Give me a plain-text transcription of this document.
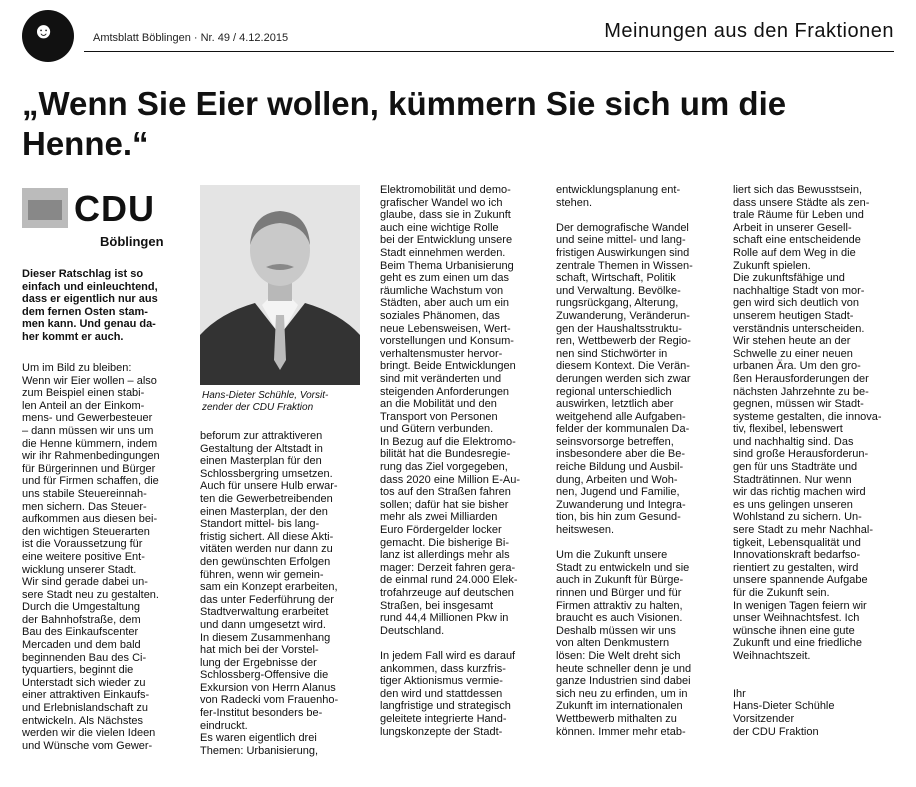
☻	Amtsblatt Böblingen · Nr. 49 / 4.12.2015	Meinungen aus den Fraktionen
„Wenn Sie Eier wollen, kümmern Sie sich um die Henne.“
CDU
Böblingen
Hans-Dieter Schühle, Vorsit-
zender der CDU Fraktion
Dieser Ratschlag ist so
einfach und einleuchtend,
dass er eigentlich nur aus
dem fernen Osten stam-
men kann. Und genau da-
her kommt er auch.
Um im Bild zu bleiben:
Wenn wir Eier wollen – also
zum Beispiel einen stabi-
len Anteil an der Einkom-
mens- und Gewerbesteuer
– dann müssen wir uns um
die Henne kümmern, indem
wir ihr Rahmenbedingungen
für Bürgerinnen und Bürger
und für Firmen schaffen, die
uns stabile Steuereinnah-
men sichern. Das Steuer-
aufkommen aus diesen bei-
den wichtigen Steuerarten
ist die Voraussetzung für
eine weitere positive Ent-
wicklung unserer Stadt.
Wir sind gerade dabei un-
sere Stadt neu zu gestalten.
Durch die Umgestaltung
der Bahnhofstraße, dem
Bau des Einkaufscenter
Mercaden und dem bald
beginnenden Bau des Ci-
tyquartiers, beginnt die
Unterstadt sich wieder zu
einer attraktiven Einkaufs-
und Erlebnislandschaft zu
entwickeln. Als Nächstes
werden wir die vielen Ideen
und Wünsche vom Gewer-
beforum zur attraktiveren
Gestaltung der Altstadt in
einen Masterplan für den
Schlossbergring umsetzen.
Auch für unsere Hulb erwar-
ten die Gewerbetreibenden
einen Masterplan, der den
Standort mittel- bis lang-
fristig sichert. All diese Akti-
vitäten werden nur dann zu
den gewünschten Erfolgen
führen, wenn wir gemein-
sam ein Konzept erarbeiten,
das unter Federführung der
Stadtverwaltung erarbeitet
und dann umgesetzt wird.
In diesem Zusammenhang
hat mich bei der Vorstel-
lung der Ergebnisse der
Schlossberg-Offensive die
Exkursion von Herrn Alanus
von Radecki vom Frauenho-
fer-Institut besonders be-
eindruckt.
Es waren eigentlich drei
Themen: Urbanisierung,
Elektromobilität und demo-
grafischer Wandel wo ich
glaube, dass sie in Zukunft
auch eine wichtige Rolle
bei der Entwicklung unsere
Stadt einnehmen werden.
Beim Thema Urbanisierung
geht es zum einen um das
räumliche Wachstum von
Städten, aber auch um ein
soziales Phänomen, das
neue Lebensweisen, Wert-
vorstellungen und Konsum-
verhaltensmuster hervor-
bringt. Beide Entwicklungen
sind mit veränderten und
steigenden Anforderungen
an die Mobilität und den
Transport von Personen
und Gütern verbunden.
In Bezug auf die Elektromo-
bilität hat die Bundesregie-
rung das Ziel vorgegeben,
dass 2020 eine Million E-Au-
tos auf den Straßen fahren
sollen; dafür hat sie bisher
mehr als zwei Milliarden
Euro Fördergelder locker
gemacht. Die bisherige Bi-
lanz ist allerdings mehr als
mager: Derzeit fahren gera-
de einmal rund 24.000 Elek-
trofahrzeuge auf deutschen
Straßen, bei insgesamt
rund 44,4 Millionen Pkw in
Deutschland.

In jedem Fall wird es darauf
ankommen, dass kurzfris-
tiger Aktionismus vermie-
den wird und stattdessen
langfristige und strategisch
geleitete integrierte Hand-
lungskonzepte der Stadt-
entwicklungsplanung ent-
stehen.

Der demografische Wandel
und seine mittel- und lang-
fristigen Auswirkungen sind
zentrale Themen in Wissen-
schaft, Wirtschaft, Politik
und Verwaltung. Bevölke-
rungsrückgang, Alterung,
Zuwanderung, Veränderun-
gen der Haushaltsstruktu-
ren, Wettbewerb der Regio-
nen sind Stichwörter in
diesem Kontext. Die Verän-
derungen werden sich zwar
regional unterschiedlich
auswirken, letztlich aber
weitgehend alle Aufgaben-
felder der kommunalen Da-
seinsvorsorge betreffen,
insbesondere aber die Be-
reiche Bildung und Ausbil-
dung, Arbeiten und Woh-
nen, Jugend und Familie,
Zuwanderung und Integra-
tion, bis hin zum Gesund-
heitswesen.

Um die Zukunft unsere
Stadt zu entwickeln und sie
auch in Zukunft für Bürge-
rinnen und Bürger und für
Firmen attraktiv zu halten,
braucht es auch Visionen.
Deshalb müssen wir uns
von alten Denkmustern
lösen: Die Welt dreht sich
heute schneller denn je und
ganze Industrien sind dabei
sich neu zu erfinden, um in
Zukunft im internationalen
Wettbewerb mithalten zu
können. Immer mehr etab-
liert sich das Bewusstsein,
dass unsere Städte als zen-
trale Räume für Leben und
Arbeit in unserer Gesell-
schaft eine entscheidende
Rolle auf dem Weg in die
Zukunft spielen.
Die zukunftsfähige und
nachhaltige Stadt von mor-
gen wird sich deutlich von
unserem heutigen Stadt-
verständnis unterscheiden.
Wir stehen heute an der
Schwelle zu einer neuen
urbanen Ära. Um den gro-
ßen Herausforderungen der
nächsten Jahrzehnte zu be-
gegnen, müssen wir Stadt-
systeme gestalten, die innova-
tiv, flexibel, lebenswert
und nachhaltig sind. Das
sind große Herausforderun-
gen für uns Stadträte und
Stadträtinnen. Nur wenn
wir das richtig machen wird
es uns gelingen unseren
Wohlstand zu sichern. Un-
sere Stadt zu mehr Nachhal-
tigkeit, Lebensqualität und
Innovationskraft bedarfso-
rientiert zu gestalten, wird
unsere spannende Aufgabe
für die Zukunft sein.
In wenigen Tagen feiern wir
unser Weihnachtsfest. Ich
wünsche ihnen eine gute
Zukunft und eine friedliche
Weihnachtszeit.

Ihr
Hans-Dieter Schühle
Vorsitzender
der CDU Fraktion
